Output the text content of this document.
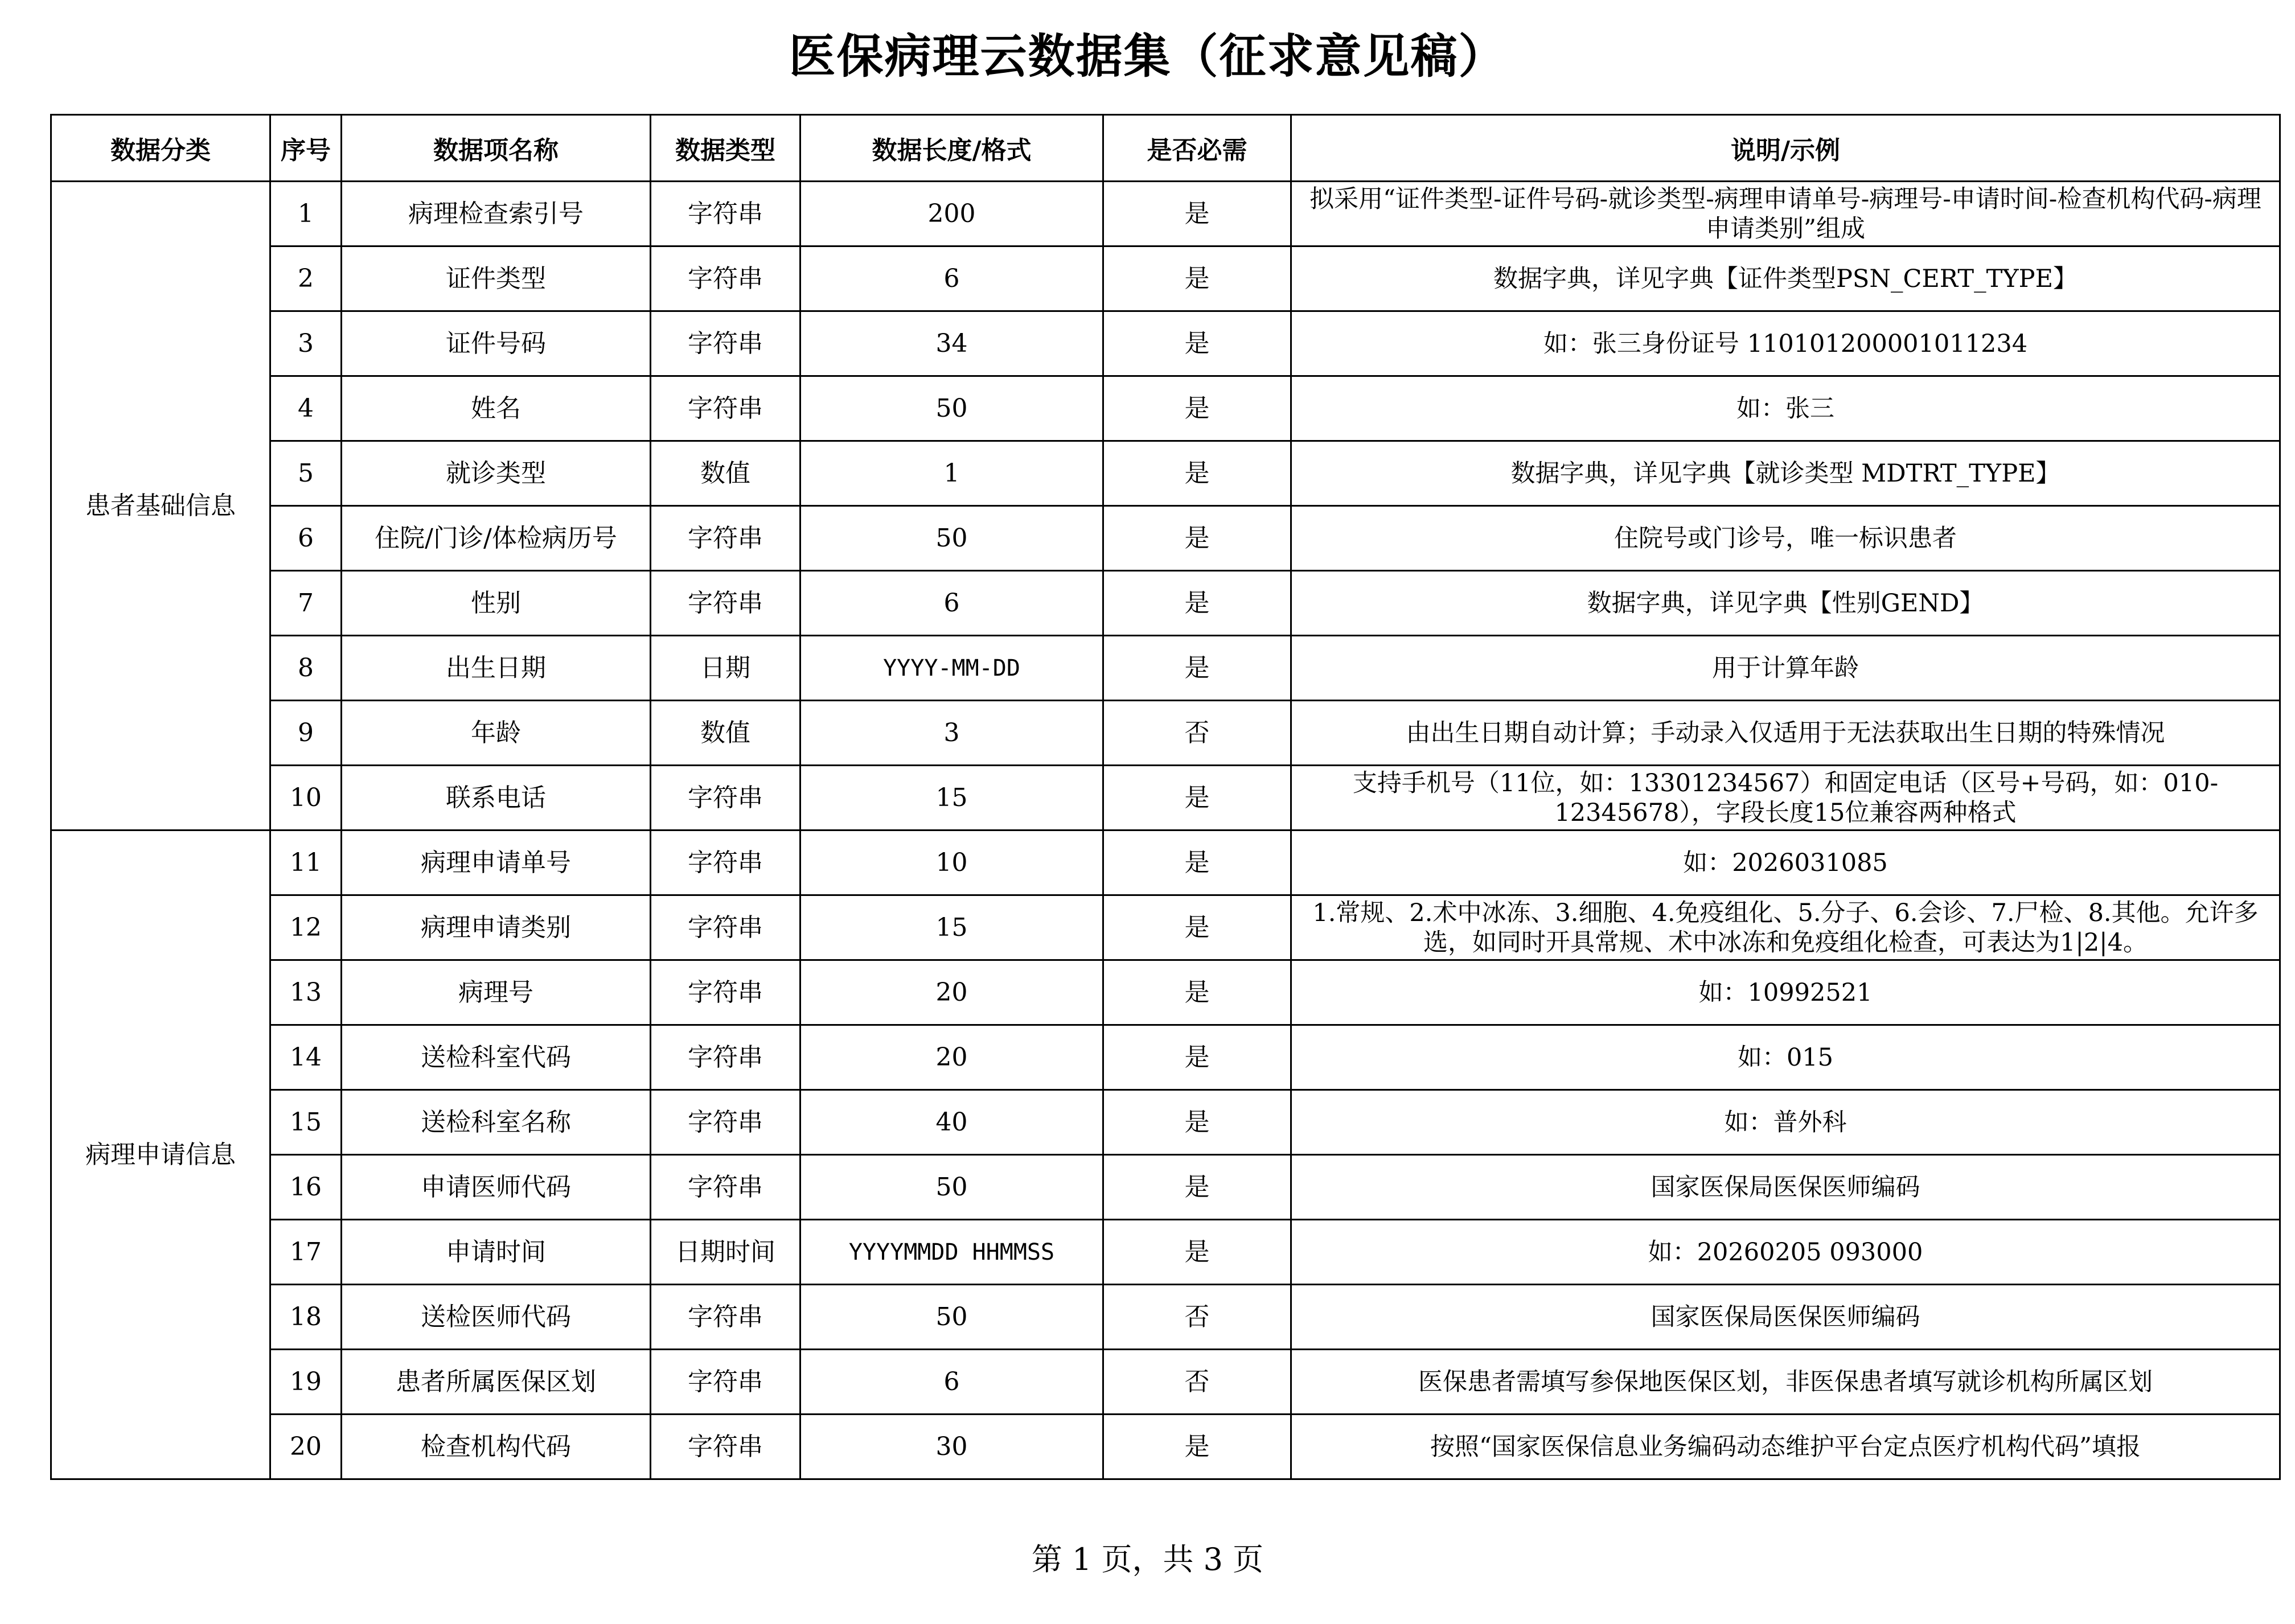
医保病理云数据集（征求意见稿）
数据分类	序号	数据项名称	数据类型	数据长度/格式	是否必需	说明/示例
患者基础信息	1	病理检查索引号	字符串	200	是	拟采用“证件类型-证件号码-就诊类型-病理申请单号-病理号-申请时间-检查机构代码-病理申请类别”组成
	2	证件类型	字符串	6	是	数据字典，详见字典【证件类型PSN_CERT_TYPE】
	3	证件号码	字符串	34	是	如：张三身份证号 110101200001011234
	4	姓名	字符串	50	是	如：张三
	5	就诊类型	数值	1	是	数据字典，详见字典【就诊类型 MDTRT_TYPE】
	6	住院/门诊/体检病历号	字符串	50	是	住院号或门诊号，唯一标识患者
	7	性别	字符串	6	是	数据字典，详见字典【性别GEND】
	8	出生日期	日期	YYYY-MM-DD	是	用于计算年龄
	9	年龄	数值	3	否	由出生日期自动计算；手动录入仅适用于无法获取出生日期的特殊情况
	10	联系电话	字符串	15	是	支持手机号（11位，如：13301234567）和固定电话（区号+号码，如：010-12345678），字段长度15位兼容两种格式
病理申请信息	11	病理申请单号	字符串	10	是	如：2026031085
	12	病理申请类别	字符串	15	是	1.常规、2.术中冰冻、3.细胞、4.免疫组化、5.分子、6.会诊、7.尸检、8.其他。允许多选，如同时开具常规、术中冰冻和免疫组化检查，可表达为1|2|4。
	13	病理号	字符串	20	是	如：10992521
	14	送检科室代码	字符串	20	是	如：015
	15	送检科室名称	字符串	40	是	如：普外科
	16	申请医师代码	字符串	50	是	国家医保局医保医师编码
	17	申请时间	日期时间	YYYYMMDD HHMMSS	是	如：20260205 093000
	18	送检医师代码	字符串	50	否	国家医保局医保医师编码
	19	患者所属医保区划	字符串	6	否	医保患者需填写参保地医保区划，非医保患者填写就诊机构所属区划
	20	检查机构代码	字符串	30	是	按照“国家医保信息业务编码动态维护平台定点医疗机构代码”填报
第 1 页，共 3 页
